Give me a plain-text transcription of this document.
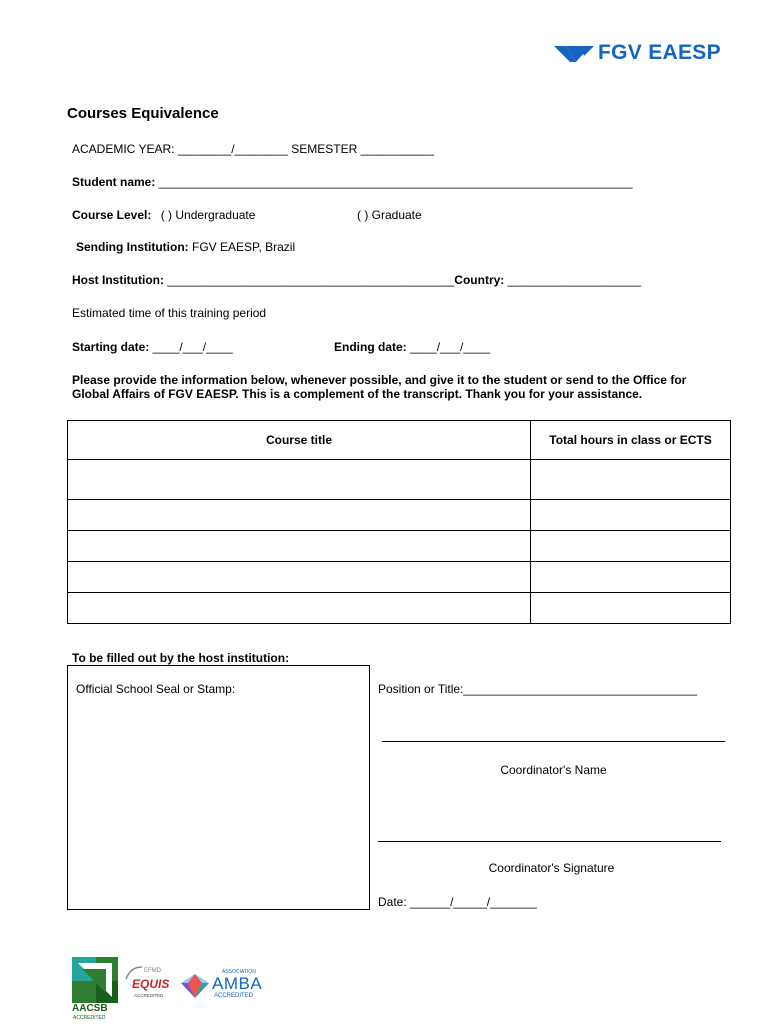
FGV EAESP
Courses Equivalence
ACADEMIC YEAR: ________/________ SEMESTER ___________
Student name: _______________________________________________________________________
Course Level: ( ) Undergraduate	( ) Graduate
Sending Institution: FGV EAESP, Brazil
Host Institution: ___________________________________________Country: ____________________
Estimated time of this training period
Starting date: ____/___/____	Ending date: ____/___/____
Please provide the information below, whenever possible, and give it to the student or send to the Office for
Global Affairs of FGV EAESP. This is a complement of the transcript. Thank you for your assistance.
Course title	Total hours in class or ECTS

To be filled out by the host institution:
Official School Seal or Stamp:	Position or Title:___________________________________
Coordinator's Name
Coordinator's Signature
Date: ______/_____/_______
AACSB
ACCREDITED
EFMD
EQUIS
ACCREDITED
ASSOCIATION
AMBA
ACCREDITED
